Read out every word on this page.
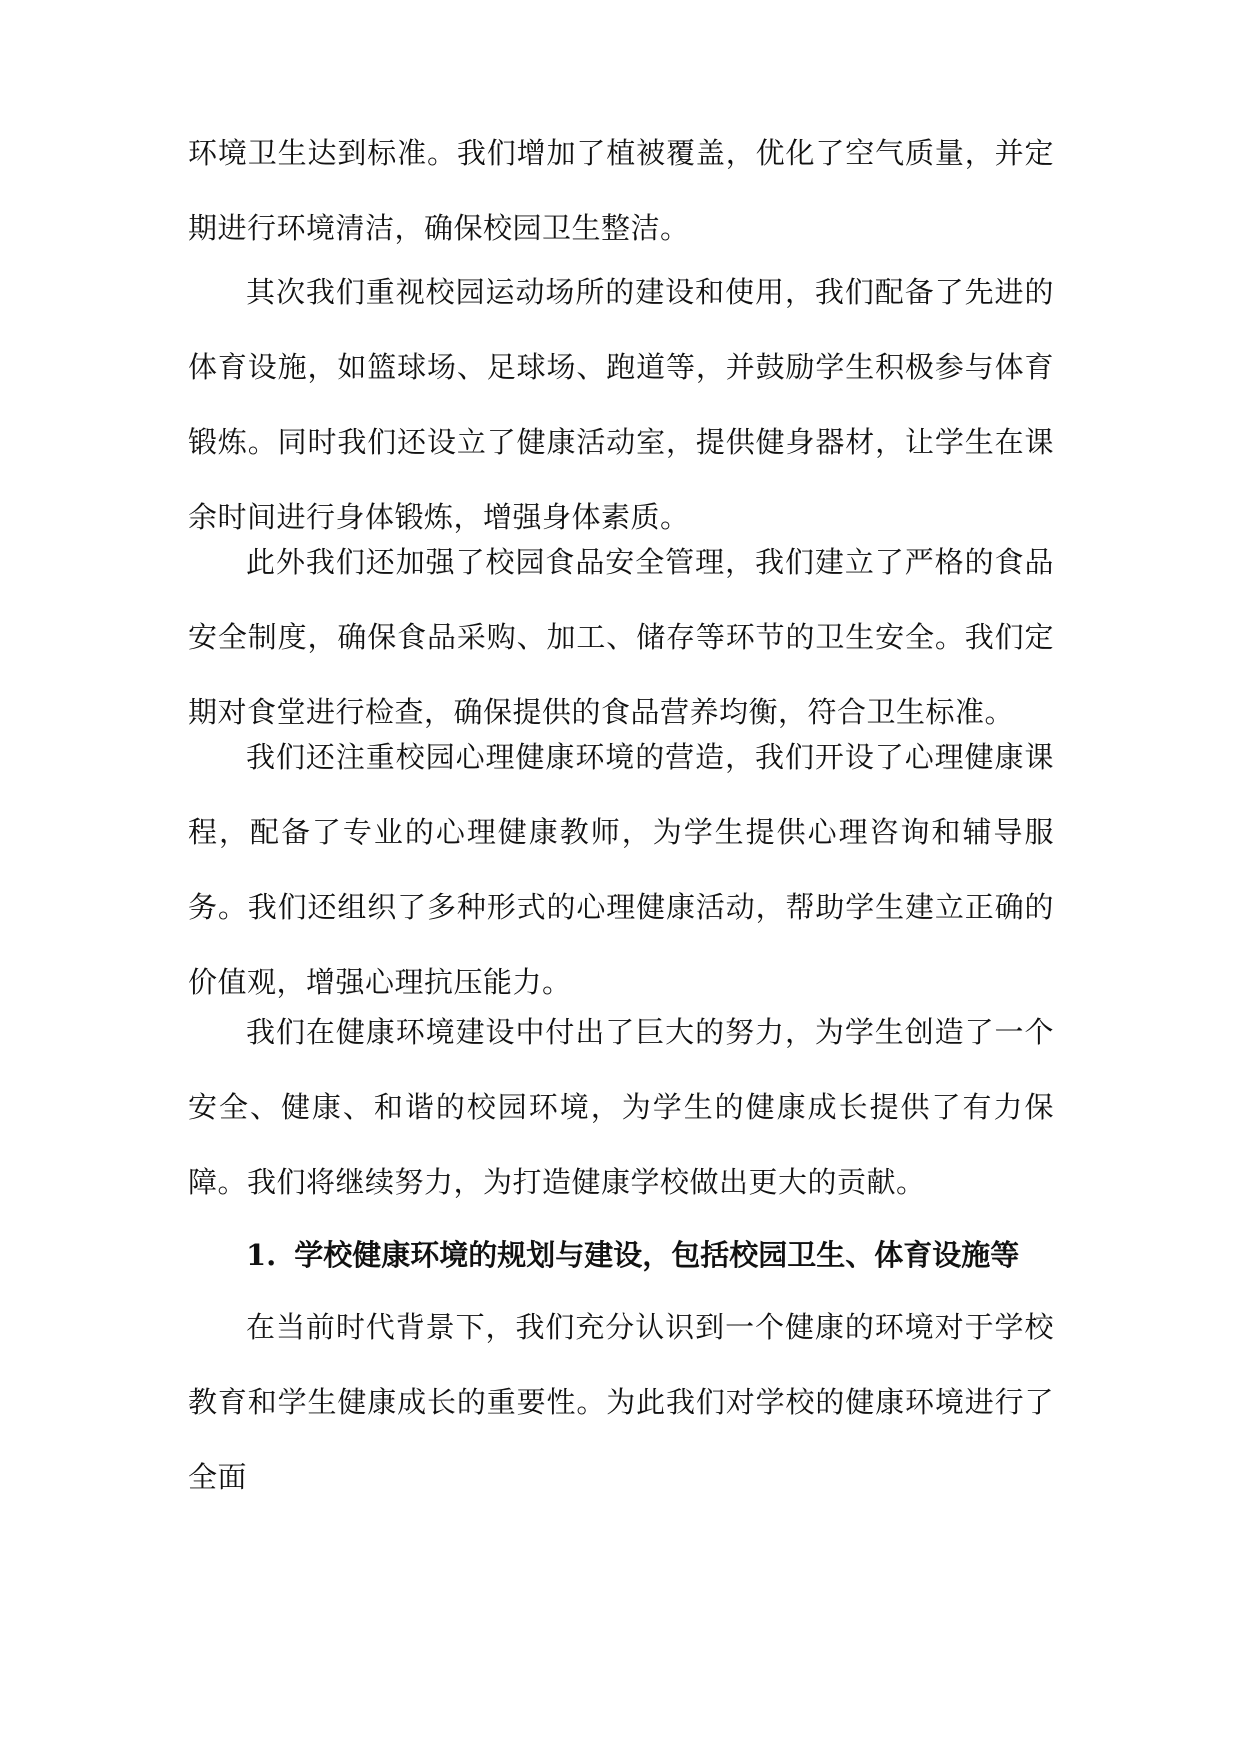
环境卫生达到标准。我们增加了植被覆盖，优化了空气质量，并定期进行环境清洁，确保校园卫生整洁。

其次我们重视校园运动场所的建设和使用，我们配备了先进的体育设施，如篮球场、足球场、跑道等，并鼓励学生积极参与体育锻炼。同时我们还设立了健康活动室，提供健身器材，让学生在课余时间进行身体锻炼，增强身体素质。

此外我们还加强了校园食品安全管理，我们建立了严格的食品安全制度，确保食品采购、加工、储存等环节的卫生安全。我们定期对食堂进行检查，确保提供的食品营养均衡，符合卫生标准。

我们还注重校园心理健康环境的营造，我们开设了心理健康课程，配备了专业的心理健康教师，为学生提供心理咨询和辅导服务。我们还组织了多种形式的心理健康活动，帮助学生建立正确的价值观，增强心理抗压能力。

我们在健康环境建设中付出了巨大的努力，为学生创造了一个安全、健康、和谐的校园环境，为学生的健康成长提供了有力保障。我们将继续努力，为打造健康学校做出更大的贡献。

1. 学校健康环境的规划与建设，包括校园卫生、体育设施等

在当前时代背景下，我们充分认识到一个健康的环境对于学校教育和学生健康成长的重要性。为此我们对学校的健康环境进行了全面
